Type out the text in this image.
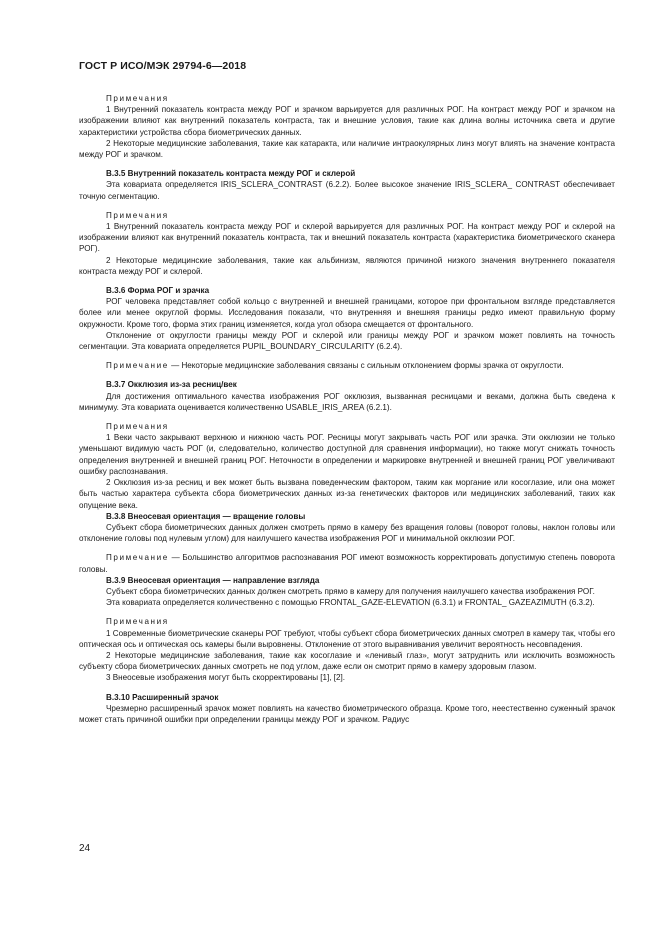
ГОСТ Р ИСО/МЭК 29794-6—2018

Примечания

1 Внутренний показатель контраста между РОГ и зрачком варьируется для различных РОГ. На контраст между РОГ и зрачком на изображении влияют как внутренний показатель контраста, так и внешние условия, такие как длина волны источника света и другие характеристики устройства сбора биометрических данных.

2 Некоторые медицинские заболевания, такие как катаракта, или наличие интраокулярных линз могут влиять на значение контраста между РОГ и зрачком.

B.3.5 Внутренний показатель контраста между РОГ и склерой

Эта ковариата определяется IRIS_SCLERA_CONTRAST (6.2.2). Более высокое значение IRIS_SCLERA_ CONTRAST обеспечивает точную сегментацию.

Примечания

1 Внутренний показатель контраста между РОГ и склерой варьируется для различных РОГ. На контраст между РОГ и склерой на изображении влияют как внутренний показатель контраста, так и внешний показатель контраста (характеристика биометрического сканера РОГ).

2 Некоторые медицинские заболевания, такие как альбинизм, являются причиной низкого значения внутреннего показателя контраста между РОГ и склерой.

B.3.6 Форма РОГ и зрачка

РОГ человека представляет собой кольцо с внутренней и внешней границами, которое при фронтальном взгляде представляется более или менее округлой формы. Исследования показали, что внутренняя и внешняя границы редко имеют правильную форму окружности. Кроме того, форма этих границ изменяется, когда угол обзора смещается от фронтального.

Отклонение от округлости границы между РОГ и склерой или границы между РОГ и зрачком может повлиять на точность сегментации. Эта ковариата определяется PUPIL_BOUNDARY_CIRCULARITY (6.2.4).

Примечание — Некоторые медицинские заболевания связаны с сильным отклонением формы зрачка от округлости.

B.3.7 Окклюзия из-за ресниц/век

Для достижения оптимального качества изображения РОГ окклюзия, вызванная ресницами и веками, должна быть сведена к минимуму. Эта ковариата оценивается количественно USABLE_IRIS_AREA (6.2.1).

Примечания

1 Веки часто закрывают верхнюю и нижнюю часть РОГ. Ресницы могут закрывать часть РОГ или зрачка. Эти окклюзии не только уменьшают видимую часть РОГ (и, следовательно, количество доступной для сравнения информации), но также могут снижать точность определения внутренней и внешней границ РОГ. Неточности в определении и маркировке внутренней и внешней границ РОГ увеличивают ошибку распознавания.

2 Окклюзия из-за ресниц и век может быть вызвана поведенческим фактором, таким как моргание или косоглазие, или она может быть частью характера субъекта сбора биометрических данных из-за генетических факторов или медицинских заболеваний, таких как опущение века.

B.3.8 Внеосевая ориентация — вращение головы

Субъект сбора биометрических данных должен смотреть прямо в камеру без вращения головы (поворот головы, наклон головы или отклонение головы под нулевым углом) для наилучшего качества изображения РОГ и минимальной окклюзии РОГ.

Примечание — Большинство алгоритмов распознавания РОГ имеют возможность корректировать допустимую степень поворота головы.

B.3.9 Внеосевая ориентация — направление взгляда

Субъект сбора биометрических данных должен смотреть прямо в камеру для получения наилучшего качества изображения РОГ.

Эта ковариата определяется количественно с помощью FRONTAL_GAZE-ELEVATION (6.3.1) и FRONTAL_ GAZEAZIMUTH (6.3.2).

Примечания

1 Современные биометрические сканеры РОГ требуют, чтобы субъект сбора биометрических данных смотрел в камеру так, чтобы его оптическая ось и оптическая ось камеры были выровнены. Отклонение от этого выравнивания увеличит вероятность несовпадения.

2 Некоторые медицинские заболевания, такие как косоглазие и «ленивый глаз», могут затруднить или исключить возможность субъекту сбора биометрических данных смотреть не под углом, даже если он смотрит прямо в камеру здоровым глазом.

3 Внеосевые изображения могут быть скорректированы [1], [2].

B.3.10 Расширенный зрачок

Чрезмерно расширенный зрачок может повлиять на качество биометрического образца. Кроме того, неестественно суженный зрачок может стать причиной ошибки при определении границы между РОГ и зрачком. Радиус

24
